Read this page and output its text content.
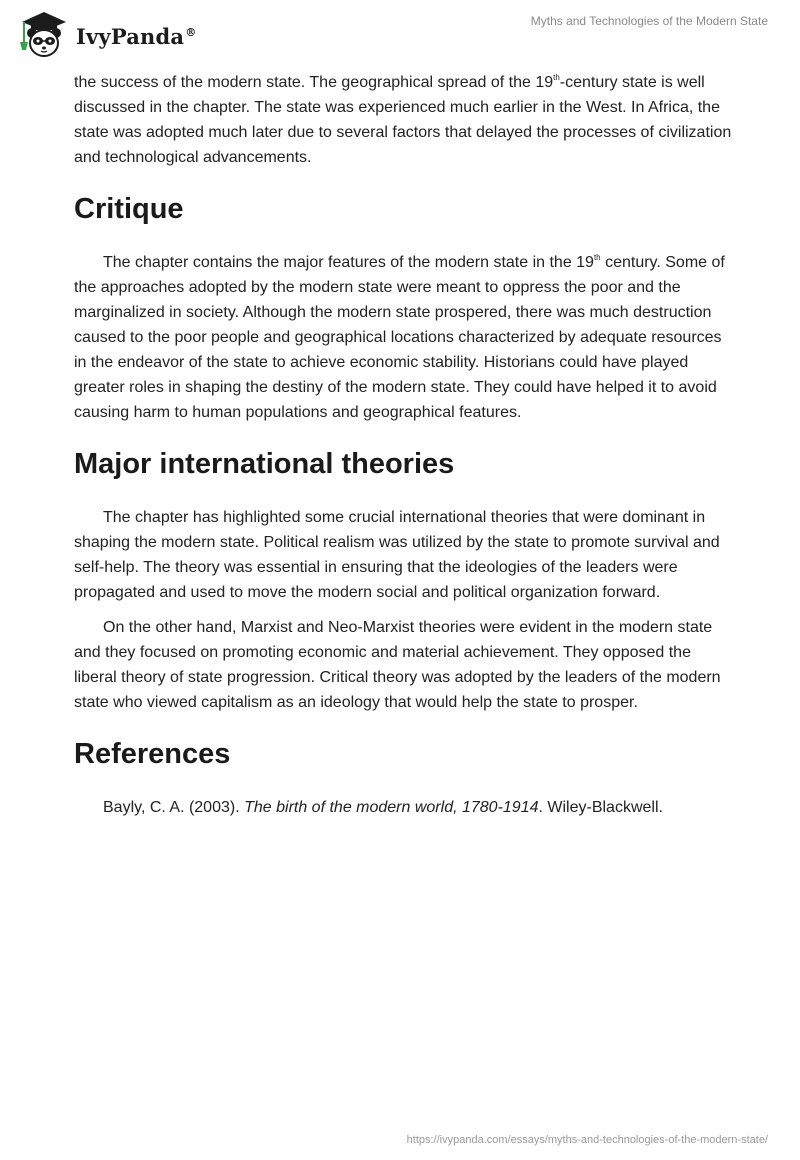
IvyPanda®
Myths and Technologies of the Modern State

the success of the modern state. The geographical spread of the 19th-century state is well discussed in the chapter. The state was experienced much earlier in the West. In Africa, the state was adopted much later due to several factors that delayed the processes of civilization and technological advancements.

Critique

The chapter contains the major features of the modern state in the 19th century. Some of the approaches adopted by the modern state were meant to oppress the poor and the marginalized in society. Although the modern state prospered, there was much destruction caused to the poor people and geographical locations characterized by adequate resources in the endeavor of the state to achieve economic stability. Historians could have played greater roles in shaping the destiny of the modern state. They could have helped it to avoid causing harm to human populations and geographical features.

Major international theories

The chapter has highlighted some crucial international theories that were dominant in shaping the modern state. Political realism was utilized by the state to promote survival and self-help. The theory was essential in ensuring that the ideologies of the leaders were propagated and used to move the modern social and political organization forward.

On the other hand, Marxist and Neo-Marxist theories were evident in the modern state and they focused on promoting economic and material achievement. They opposed the liberal theory of state progression. Critical theory was adopted by the leaders of the modern state who viewed capitalism as an ideology that would help the state to prosper.

References

Bayly, C. A. (2003). The birth of the modern world, 1780-1914. Wiley-Blackwell.

https://ivypanda.com/essays/myths-and-technologies-of-the-modern-state/
